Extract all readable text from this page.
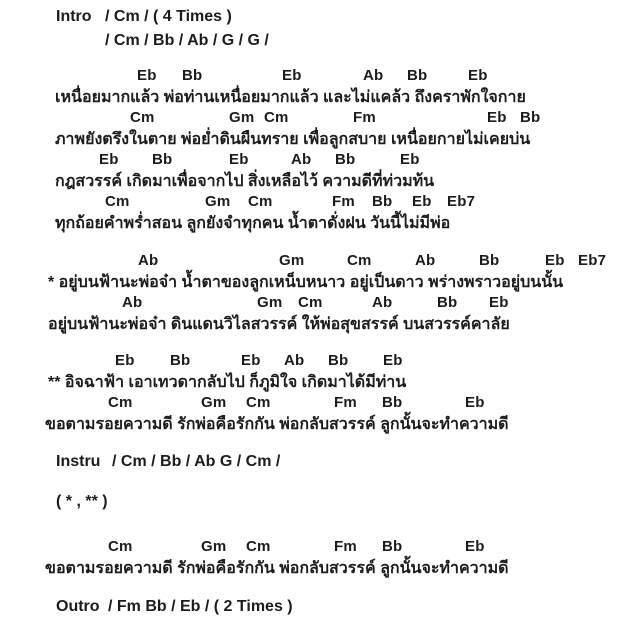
Intro / Cm / ( 4 Times )
/ Cm / Bb / Ab / G / G /
Eb Bb	Eb	Ab Bb	Eb
เหนื่อยมากแล้ว พ่อท่านเหนื่อยมากแล้ว และไม่แคล้ว ถึงคราพักใจกาย
Cm	Gm Cm	Fm	Eb Bb
ภาพยังตรึงในตาย พ่อย่ำดินผืนทราย เพื่อลูกสบาย เหนื่อยกายไม่เคยบ่น
Eb Bb	Eb	Ab Bb	Eb
กฎสวรรค์ เกิดมาเพื่อจากไป สิ่งเหลือไว้ ความดีที่ท่วมท้น
Cm	Gm Cm	Fm Bb Eb Eb7
ทุกถ้อยคำพร่ำสอน ลูกยังจำทุกคน น้ำตาดั่งฝน วันนี้ไม่มีพ่อ
Ab	Gm	Cm	Ab	Bb	Eb Eb7
* อยู่บนฟ้านะพ่อจ๋า น้ำตาของลูกเหน็บหนาว อยู่เป็นดาว พร่างพราวอยู่บนนั้น
Ab	Gm Cm	Ab	Bb Eb
อยู่บนฟ้านะพ่อจ๋า ดินแดนวิไลสวรรค์ ให้พ่อสุขสรรค์ บนสวรรค์คาลัย
Eb Bb	Eb Ab Bb Eb
** อิจฉาฟ้า เอาเทวดากลับไป ก็ภูมิใจ เกิดมาได้มีท่าน
Cm	Gm Cm	Fm Bb	Eb
ขอตามรอยความดี รักพ่อคือรักกัน พ่อกลับสวรรค์ ลูกนั้นจะทำความดี
Instru / Cm / Bb / Ab G / Cm /
( * , ** )
Cm	Gm Cm	Fm Bb	Eb
ขอตามรอยความดี รักพ่อคือรักกัน พ่อกลับสวรรค์ ลูกนั้นจะทำความดี
Outro / Fm Bb / Eb / ( 2 Times )
